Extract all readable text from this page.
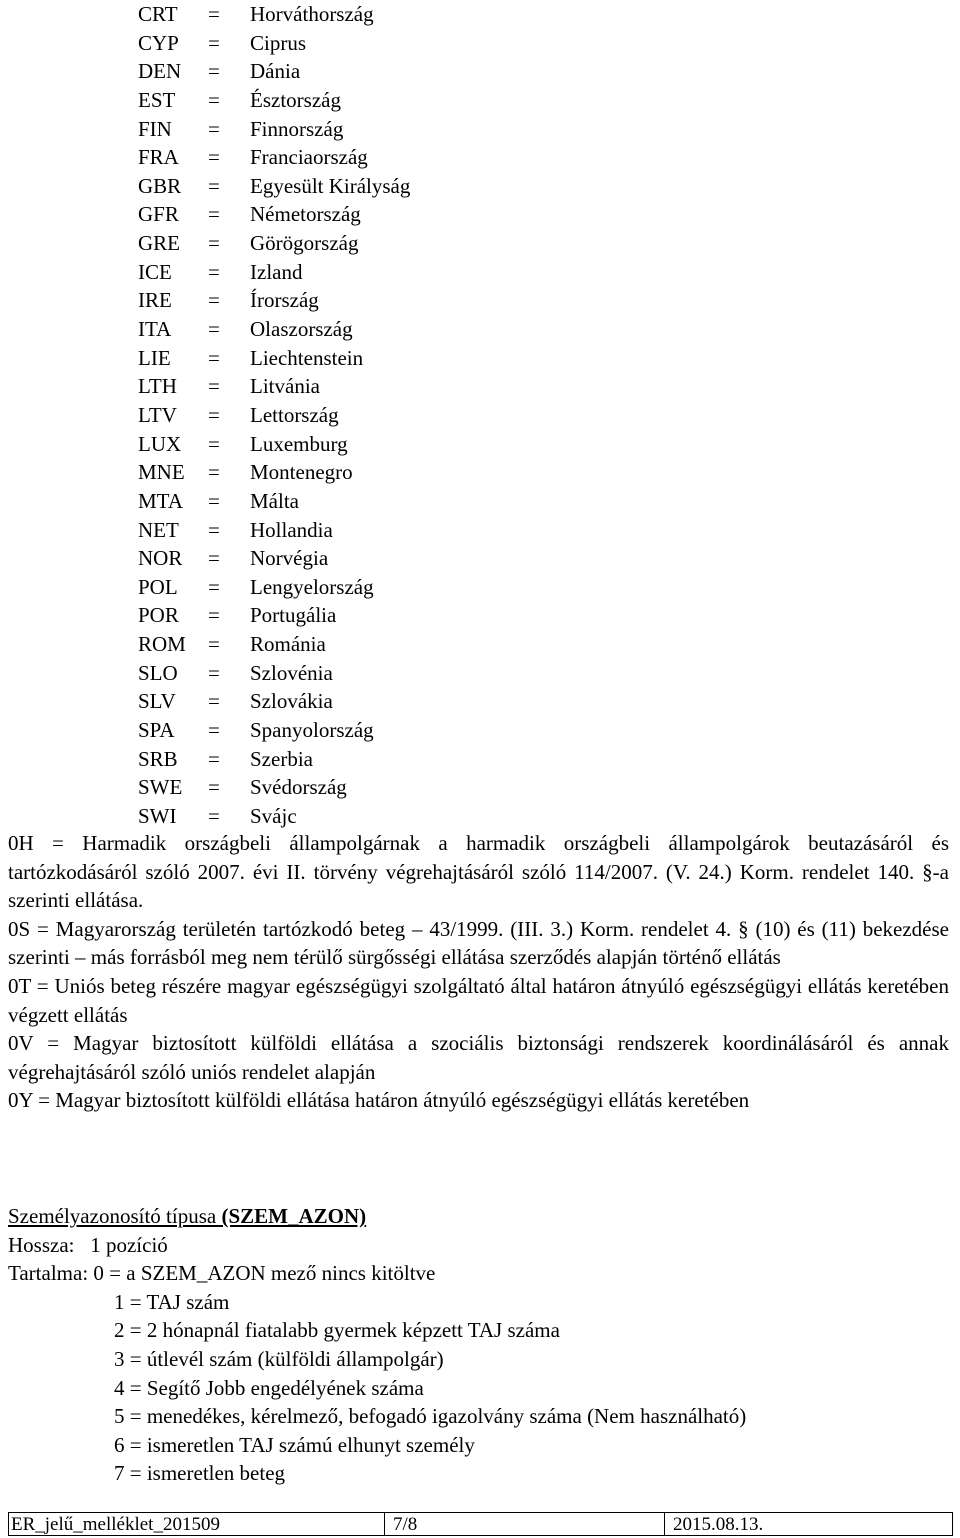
CRT = Horváthország
CYP = Ciprus
DEN = Dánia
EST = Észtország
FIN = Finnország
FRA = Franciaország
GBR = Egyesült Királyság
GFR = Németország
GRE = Görögország
ICE = Izland
IRE = Írország
ITA = Olaszország
LIE = Liechtenstein
LTH = Litvánia
LTV = Lettország
LUX = Luxemburg
MNE = Montenegro
MTA = Málta
NET = Hollandia
NOR = Norvégia
POL = Lengyelország
POR = Portugália
ROM = Románia
SLO = Szlovénia
SLV = Szlovákia
SPA = Spanyolország
SRB = Szerbia
SWE = Svédország
SWI = Svájc

0H = Harmadik országbeli állampolgárnak a harmadik országbeli állampolgárok beutazásáról és tartózkodásáról szóló 2007. évi II. törvény végrehajtásáról szóló 114/2007. (V. 24.) Korm. rendelet 140. §-a szerinti ellátása.

0S = Magyarország területén tartózkodó beteg – 43/1999. (III. 3.) Korm. rendelet 4. § (10) és (11) bekezdése szerinti – más forrásból meg nem térülő sürgősségi ellátása szerződés alapján történő ellátás

0T = Uniós beteg részére magyar egészségügyi szolgáltató által határon átnyúló egészségügyi ellátás keretében végzett ellátás

0V = Magyar biztosított külföldi ellátása a szociális biztonsági rendszerek koordinálásáról és annak végrehajtásáról szóló uniós rendelet alapján

0Y = Magyar biztosított külföldi ellátása határon átnyúló egészségügyi ellátás keretében

Személyazonosító típusa (SZEM_AZON)
Hossza:   1 pozíció
Tartalma: 0 = a SZEM_AZON mező nincs kitöltve
1 = TAJ szám
2 = 2 hónapnál fiatalabb gyermek képzett TAJ száma
3 = útlevél szám (külföldi állampolgár)
4 = Segítő Jobb engedélyének száma
5 = menedékes, kérelmező, befogadó igazolvány száma (Nem használható)
6 = ismeretlen TAJ számú elhunyt személy
7 = ismeretlen beteg
ER_jelű_melléklet_201509	7/8	2015.08.13.
